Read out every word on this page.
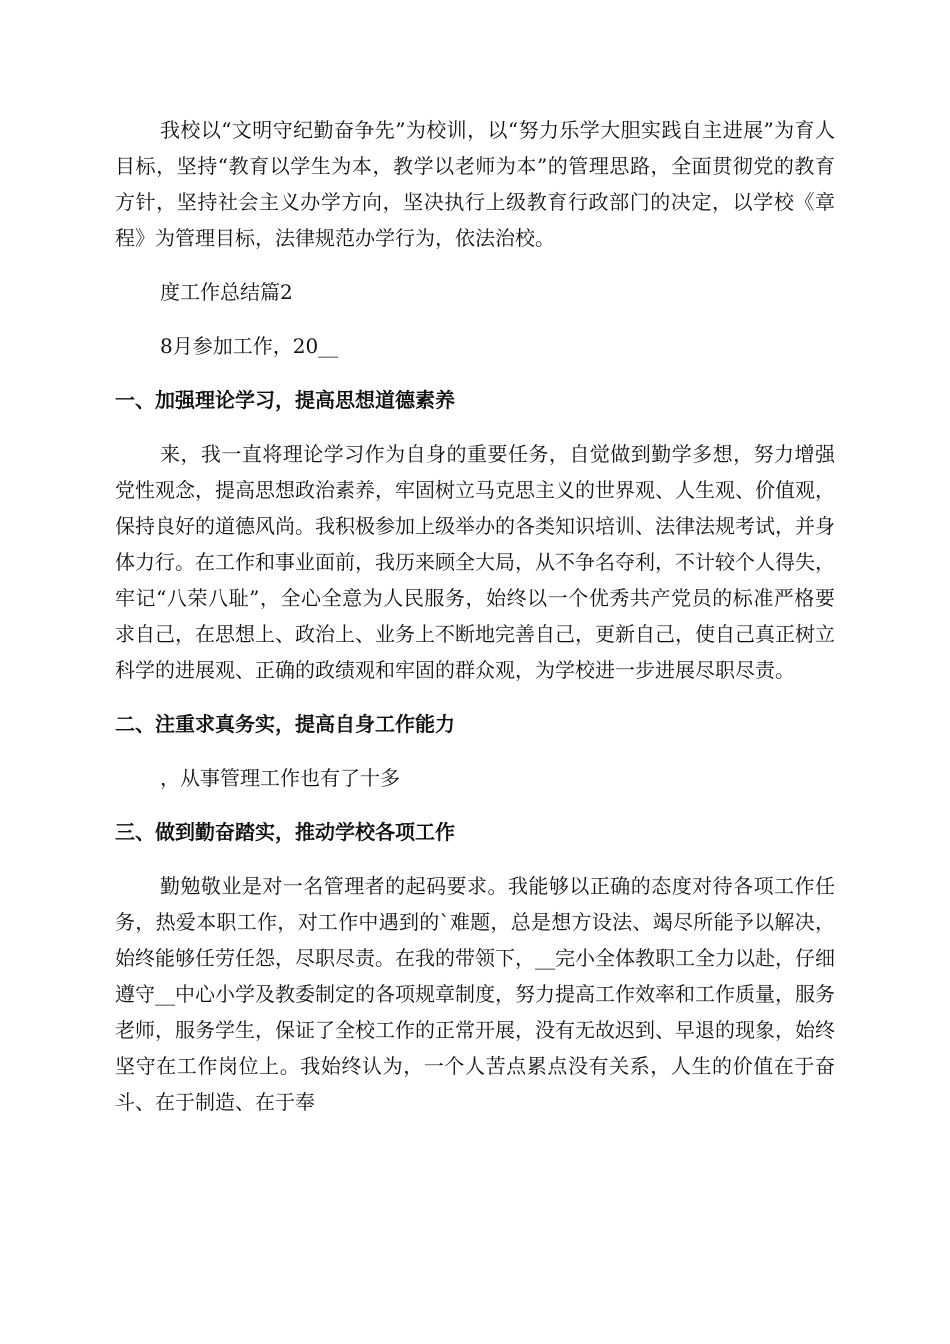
我校以“文明守纪勤奋争先”为校训，以“努力乐学大胆实践自主进展”为育人目标，坚持“教育以学生为本，教学以老师为本”的管理思路，全面贯彻党的教育方针，坚持社会主义办学方向，坚决执行上级教育行政部门的决定，以学校《章程》为管理目标，法律规范办学行为，依法治校。

度工作总结篇2

8月参加工作，20__

一、加强理论学习，提高思想道德素养

来，我一直将理论学习作为自身的重要任务，自觉做到勤学多想，努力增强党性观念，提高思想政治素养，牢固树立马克思主义的世界观、人生观、价值观，保持良好的道德风尚。我积极参加上级举办的各类知识培训、法律法规考试，并身体力行。在工作和事业面前，我历来顾全大局，从不争名夺利，不计较个人得失，牢记“八荣八耻”，全心全意为人民服务，始终以一个优秀共产党员的标准严格要求自己，在思想上、政治上、业务上不断地完善自己，更新自己，使自己真正树立科学的进展观、正确的政绩观和牢固的群众观，为学校进一步进展尽职尽责。

二、注重求真务实，提高自身工作能力

，从事管理工作也有了十多

三、做到勤奋踏实，推动学校各项工作

勤勉敬业是对一名管理者的起码要求。我能够以正确的态度对待各项工作任务，热爱本职工作，对工作中遇到的`难题，总是想方设法、竭尽所能予以解决，始终能够任劳任怨，尽职尽责。在我的带领下，__完小全体教职工全力以赴，仔细遵守__中心小学及教委制定的各项规章制度，努力提高工作效率和工作质量，服务老师，服务学生，保证了全校工作的正常开展，没有无故迟到、早退的现象，始终坚守在工作岗位上。我始终认为，一个人苦点累点没有关系，人生的价值在于奋斗、在于制造、在于奉
